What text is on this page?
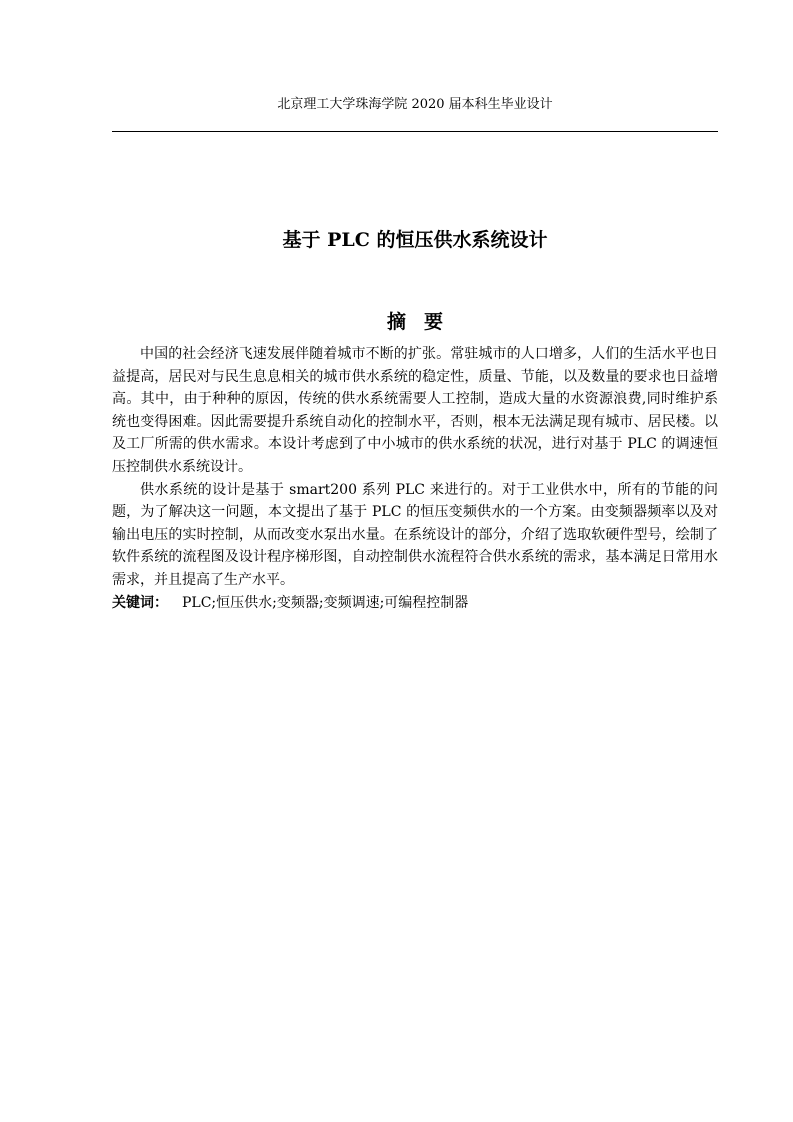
北京理工大学珠海学院 2020 届本科生毕业设计
基于 PLC 的恒压供水系统设计
摘要

中国的社会经济飞速发展伴随着城市不断的扩张。常驻城市的人口增多，人们的生活水平也日益提高，居民对与民生息息相关的城市供水系统的稳定性，质量、节能，以及数量的要求也日益增高。其中，由于种种的原因，传统的供水系统需要人工控制，造成大量的水资源浪费,同时维护系统也变得困难。因此需要提升系统自动化的控制水平，否则，根本无法满足现有城市、居民楼。以及工厂所需的供水需求。本设计考虑到了中小城市的供水系统的状况，进行对基于 PLC 的调速恒压控制供水系统设计。

供水系统的设计是基于 smart200 系列 PLC 来进行的。对于工业供水中，所有的节能的问题，为了解决这一问题，本文提出了基于 PLC 的恒压变频供水的一个方案。由变频器频率以及对输出电压的实时控制，从而改变水泵出水量。在系统设计的部分，介绍了选取软硬件型号，绘制了软件系统的流程图及设计程序梯形图，自动控制供水流程符合供水系统的需求，基本满足日常用水需求，并且提高了生产水平。

关键词： PLC;恒压供水;变频器;变频调速;可编程控制器
